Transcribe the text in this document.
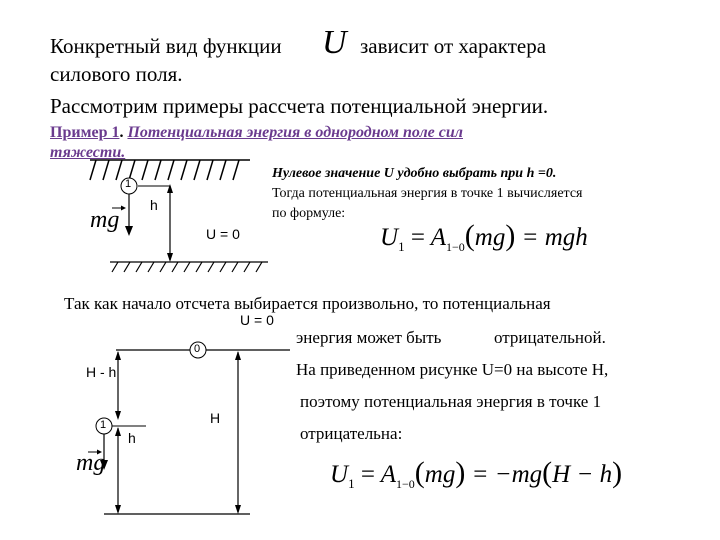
Конкретный вид функции U зависит от характера
силового поля.
Рассмотрим примеры рассчета потенциальной энергии.
Пример 1. Потенциальная энергия в однородном поле сил
тяжести.
1
h
U = 0
mg
Нулевое значение U удобно выбрать при h =0.
Тогда потенциальная энергия в точке 1 вычисляется
по формуле:
$U_1 = A_{1-0}(mg)$ = mgh
Так как начало отсчета выбирается произвольно, то потенциальная
U = 0
0
H - h
1
h
H
mg
энергия может быть	отрицательной.
На приведенном рисунке U=0 на высоте H,
поэтому потенциальная энергия в точке 1
отрицательна:
$U_1 = A_{1-0}(mg) = -mg(H - h)$
